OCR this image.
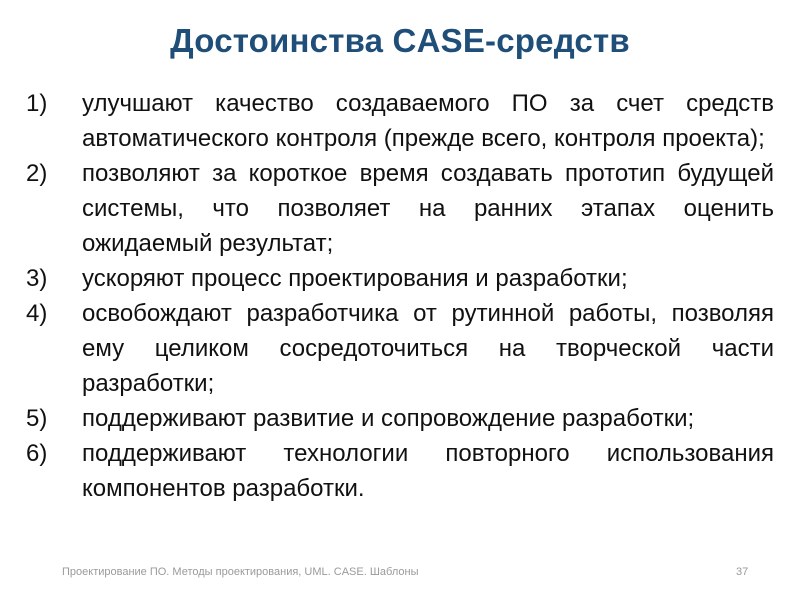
Достоинства CASE-средств
1) улучшают качество создаваемого ПО за счет средств автоматического контроля (прежде всего, контроля проекта);
2) позволяют за короткое время создавать прототип будущей системы, что позволяет на ранних этапах оценить ожидаемый результат;
3) ускоряют процесс проектирования и разработки;
4) освобождают разработчика от рутинной работы, позволяя ему целиком сосредоточиться на творческой части разработки;
5) поддерживают развитие и сопровождение разработки;
6) поддерживают технологии повторного использования компонентов разработки.
Проектирование ПО. Методы проектирования, UML. CASE. Шаблоны	37
